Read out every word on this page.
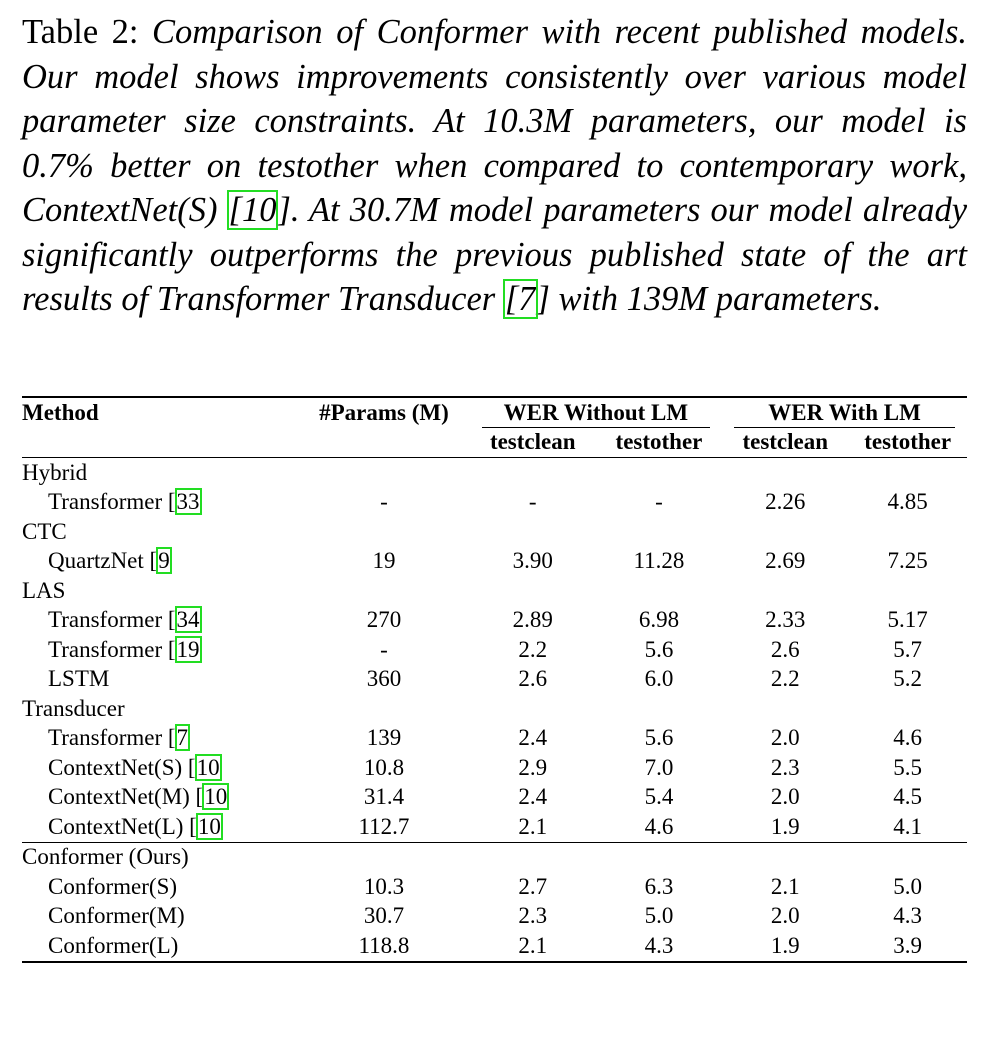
Table 2: Comparison of Conformer with recent published models. Our model shows improvements consistently over various model parameter size constraints. At 10.3M parameters, our model is 0.7% better on testother when compared to contemporary work, ContextNet(S) [10]. At 30.7M model parameters our model already significantly outperforms the previous published state of the art results of Transformer Transducer [7] with 139M parameters.
Method	#Params (M)	WER Without LM		WER With LM	
		testclean	testother	testclean	testother
Hybrid					
Transformer [33	-	-	-	2.26	4.85
CTC					
QuartzNet [9	19	3.90	11.28	2.69	7.25
LAS					
Transformer [34	270	2.89	6.98	2.33	5.17
Transformer [19	-	2.2	5.6	2.6	5.7
LSTM	360	2.6	6.0	2.2	5.2
Transducer					
Transformer [7	139	2.4	5.6	2.0	4.6
ContextNet(S) [10	10.8	2.9	7.0	2.3	5.5
ContextNet(M) [10	31.4	2.4	5.4	2.0	4.5
ContextNet(L) [10	112.7	2.1	4.6	1.9	4.1
Conformer (Ours)					
Conformer(S)	10.3	2.7	6.3	2.1	5.0
Conformer(M)	30.7	2.3	5.0	2.0	4.3
Conformer(L)	118.8	2.1	4.3	1.9	3.9
